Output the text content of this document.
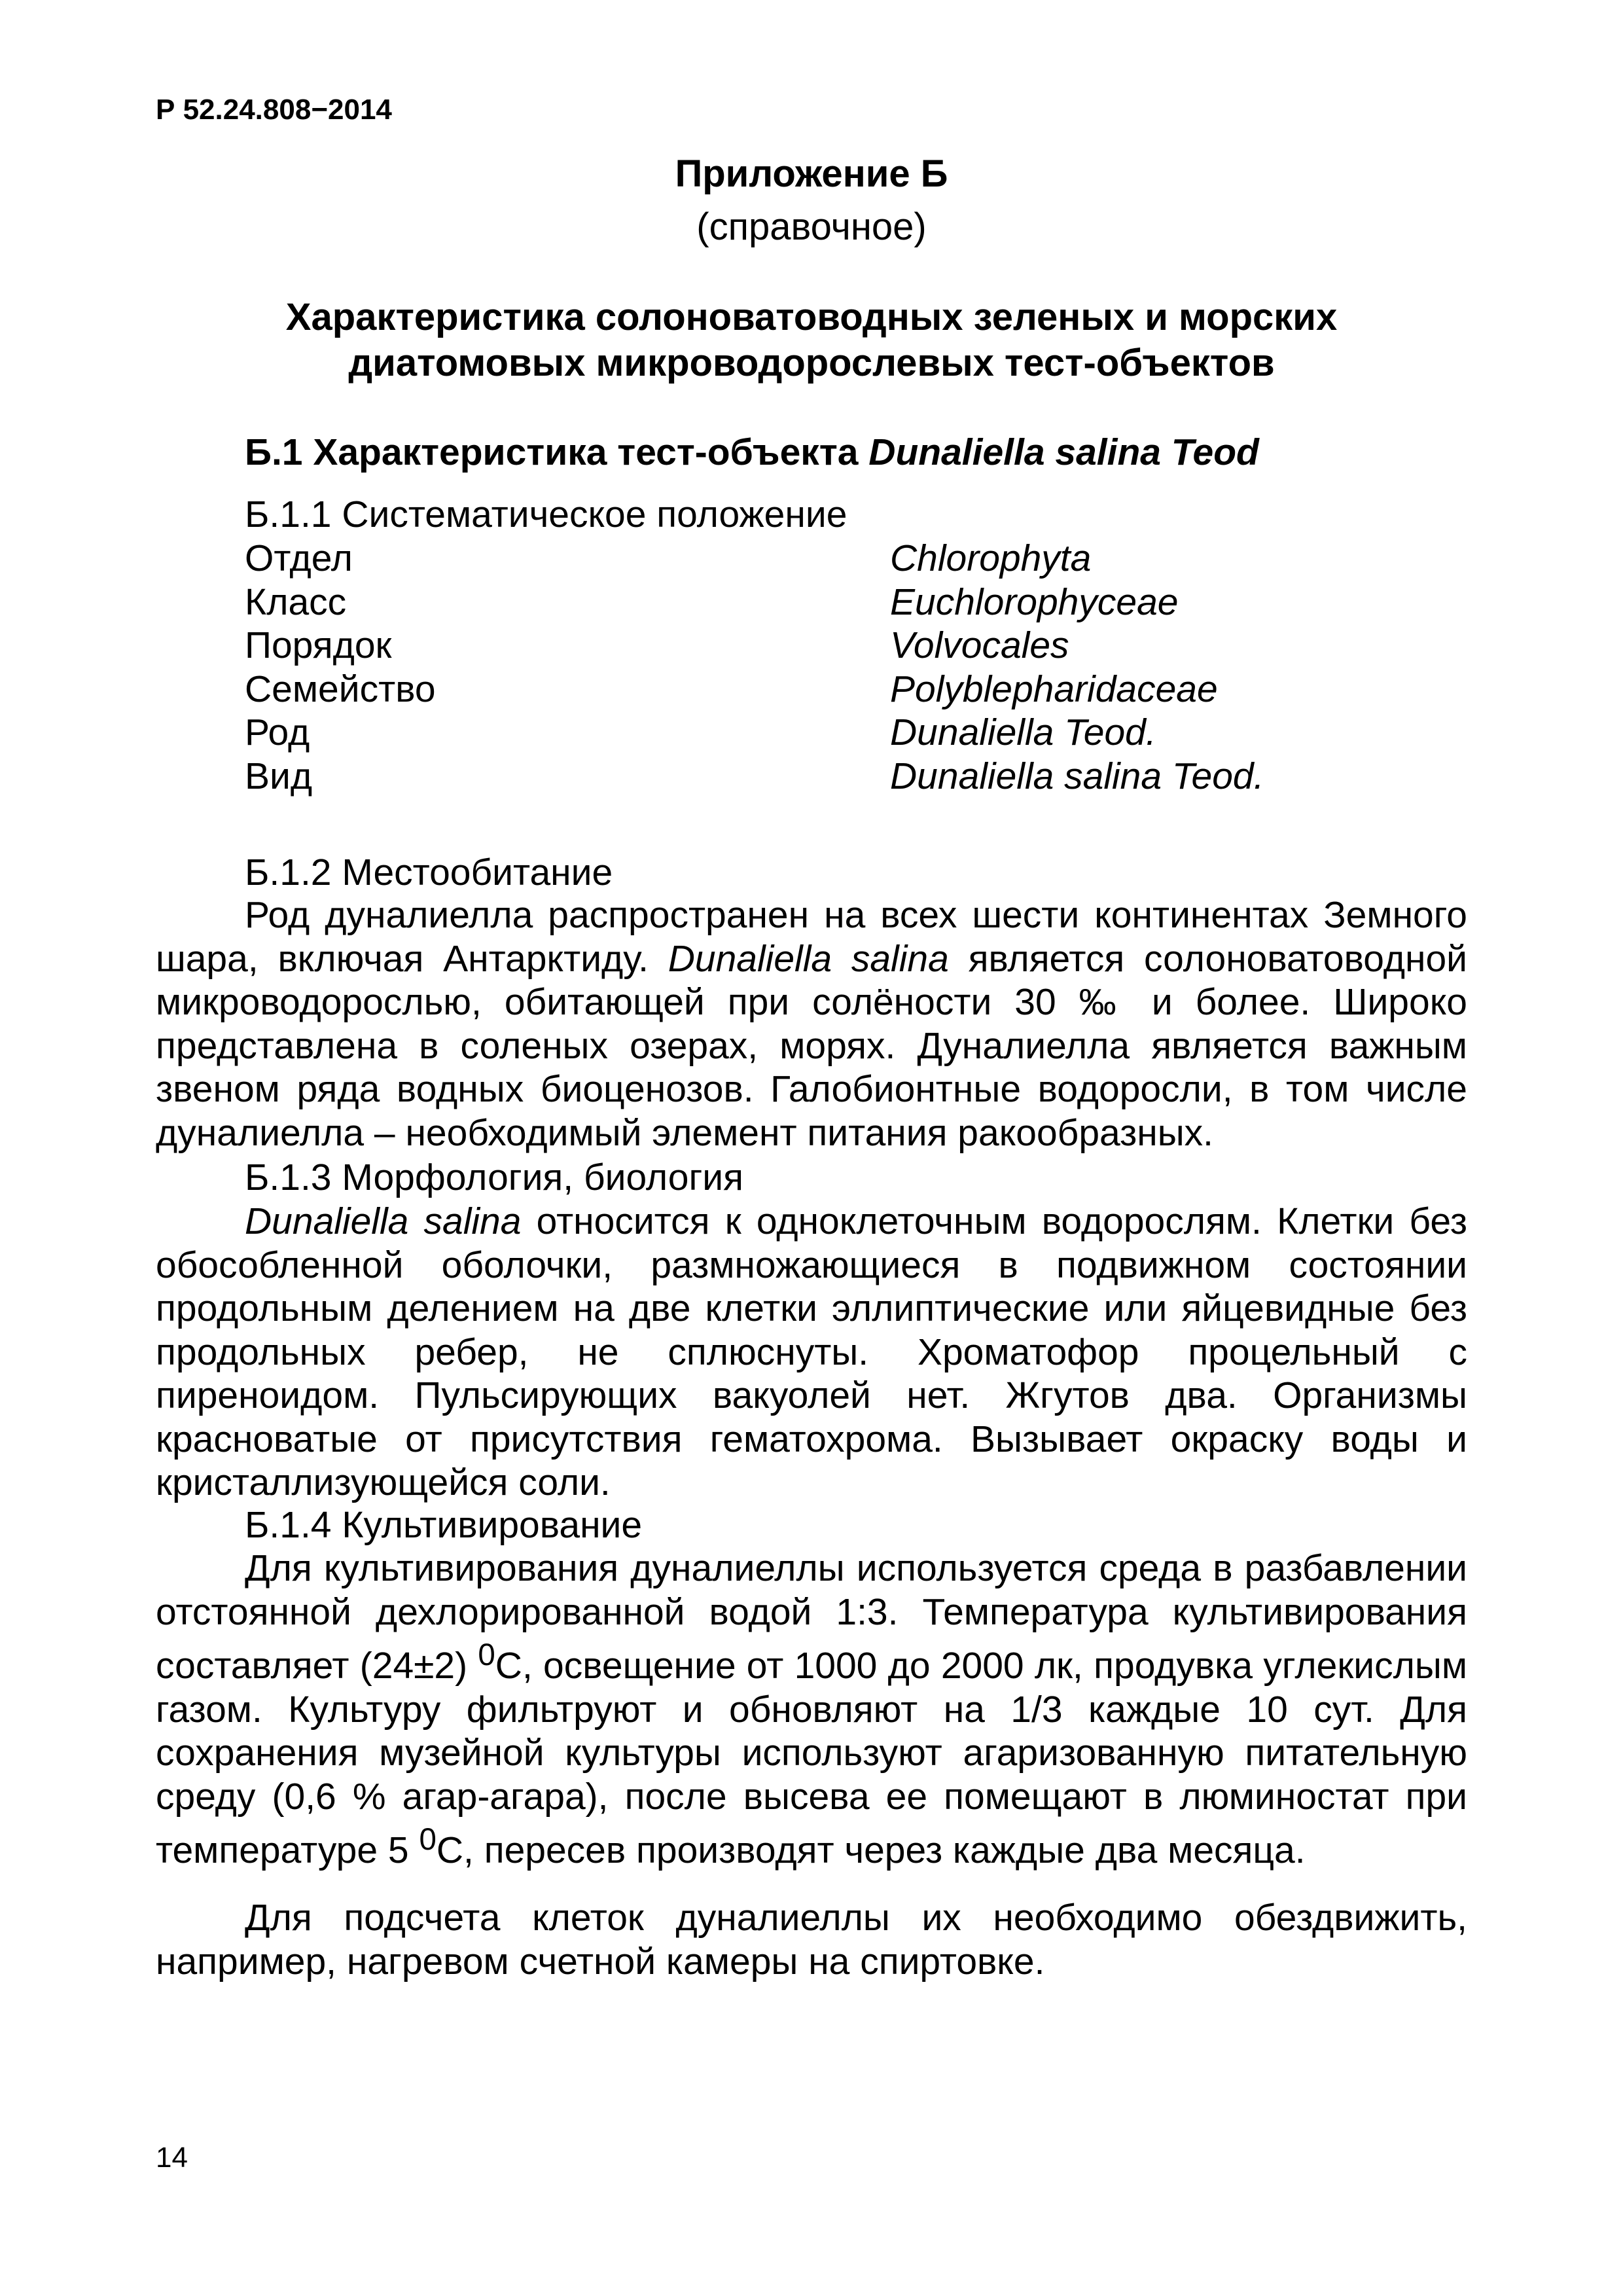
Р 52.24.808−2014
Приложение Б
(справочное)
Характеристика солоноватоводных зеленых и морских
диатомовых микроводорослевых тест-объектов
Б.1 Характеристика тест-объекта Dunaliella salina Teod
Б.1.1 Систематическое положение
Отдел	Chlorophyta
Класс	Euchlorophyceae
Порядок	Volvocales
Семейство	Polyblepharidaceae
Род	Dunaliella Teod.
Вид	Dunaliella salina Teod.
Б.1.2 Местообитание
Род дуналиелла распространен на всех шести континентах Земного шара, включая Антарктиду. Dunaliella salina является солоноватоводной микроводорослью, обитающей при солёности 30 ‰ и более. Широко представлена в соленых озерах, морях. Дуналиелла является важным звеном ряда водных биоценозов. Галобионтные водоросли, в том числе дуналиелла – необходимый элемент питания ракообразных.
Б.1.3 Морфология, биология
Dunaliella salina относится к одноклеточным водорослям. Клетки без обособленной оболочки, размножающиеся в подвижном состоянии продольным делением на две клетки эллиптические или яйцевидные без продольных ребер, не сплюснуты. Хроматофор процельный с пиреноидом. Пульсирующих вакуолей нет. Жгутов два. Организмы красноватые от присутствия гематохрома. Вызывает окраску воды и кристаллизующейся соли.
Б.1.4 Культивирование
Для культивирования дуналиеллы используется среда в разбавлении отстоянной дехлорированной водой 1:3. Температура культивирования составляет (24±2) $^0$С, освещение от 1000 до 2000 лк, продувка углекислым газом. Культуру фильтруют и обновляют на 1/3 каждые 10 сут. Для сохранения музейной культуры используют агаризованную питательную среду (0,6 % агар-агара), после высева ее помещают в люминостат при температуре 5 $^0$С, пересев производят через каждые два месяца.
Для подсчета клеток дуналиеллы их необходимо обездвижить, например, нагревом счетной камеры на спиртовке.
14
